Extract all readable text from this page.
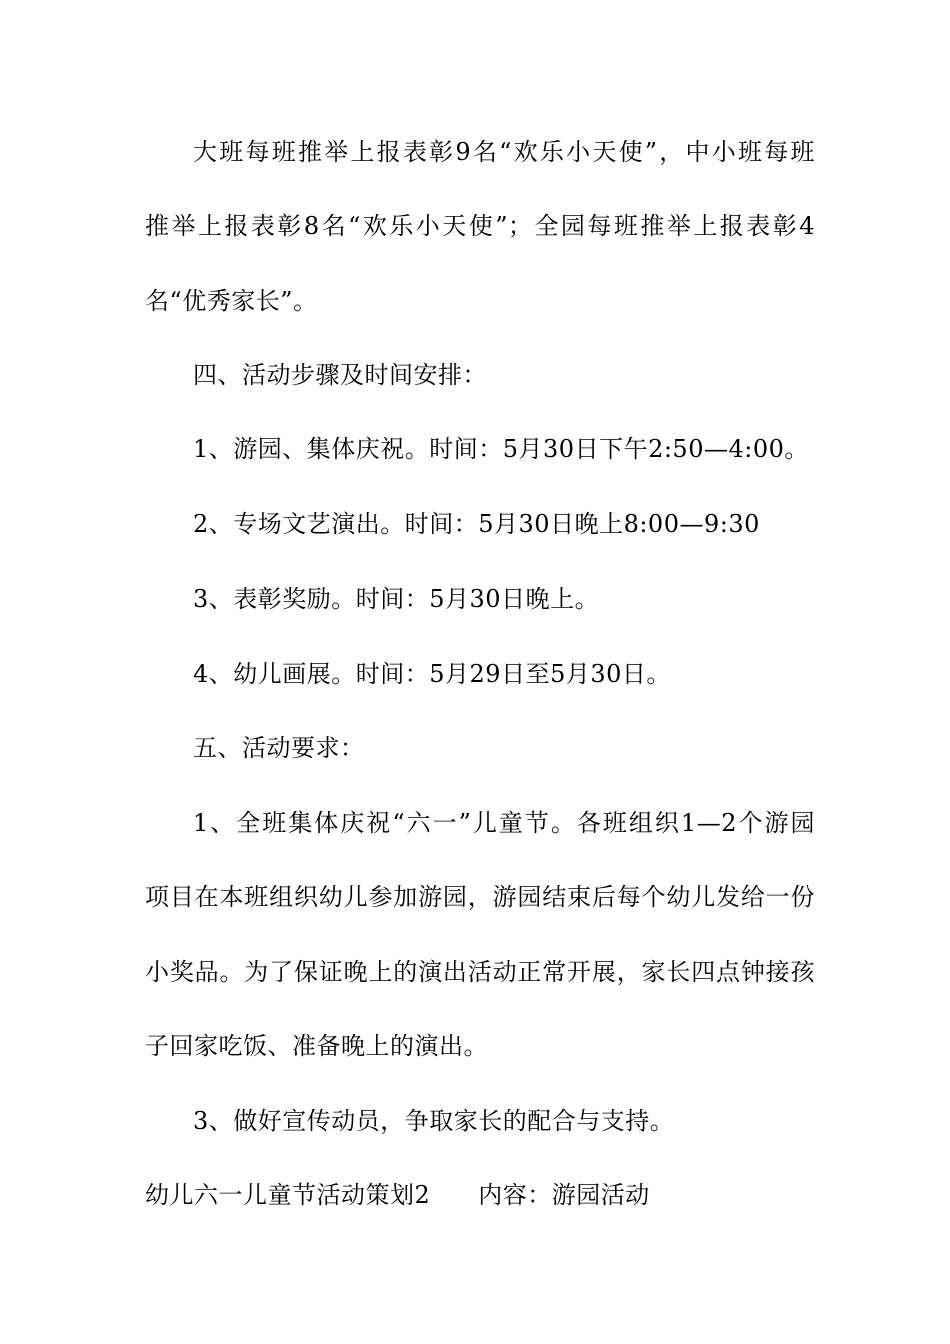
大班每班推举上报表彰9名“欢乐小天使”，中小班每班
推举上报表彰8名“欢乐小天使”；全园每班推举上报表彰4
名“优秀家长”。
四、活动步骤及时间安排：
1、游园、集体庆祝。时间：5月30日下午2:50—4:00。
2、专场文艺演出。时间：5月30日晚上8:00—9:30
3、表彰奖励。时间：5月30日晚上。
4、幼儿画展。时间：5月29日至5月30日。
五、活动要求：
1、全班集体庆祝“六一”儿童节。各班组织1—2个游园
项目在本班组织幼儿参加游园，游园结束后每个幼儿发给一份
小奖品。为了保证晚上的演出活动正常开展，家长四点钟接孩
子回家吃饭、准备晚上的演出。
3、做好宣传动员，争取家长的配合与支持。
幼儿六一儿童节活动策划2 内容：游园活动
